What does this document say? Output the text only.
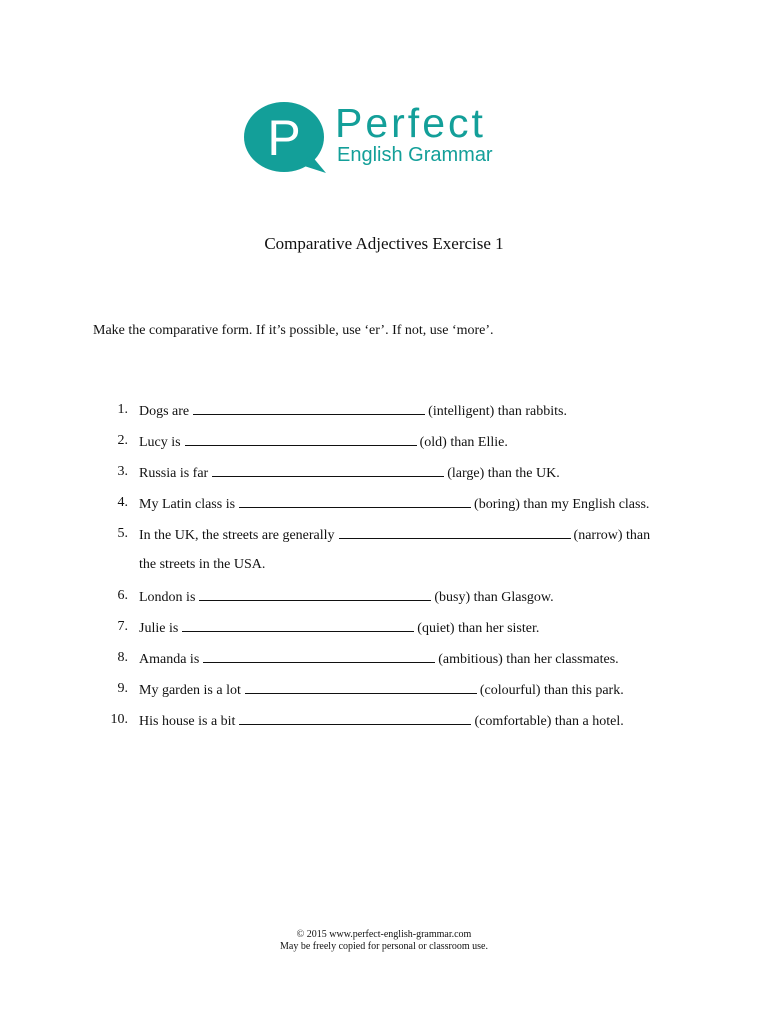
P Perfect
English Grammar
Comparative Adjectives Exercise 1
Make the comparative form. If it’s possible, use ‘er’. If not, use ‘more’.
1. Dogs are	(intelligent) than rabbits.
2. Lucy is	(old) than Ellie.
3. Russia is far	(large) than the UK.
4. My Latin class is	(boring) than my English class.
5. In the UK, the streets are generally	(narrow) than
the streets in the USA.
6. London is	(busy) than Glasgow.
7. Julie is	(quiet) than her sister.
8. Amanda is	(ambitious) than her classmates.
9. My garden is a lot	(colourful) than this park.
10. His house is a bit	(comfortable) than a hotel.
© 2015 www.perfect-english-grammar.com
May be freely copied for personal or classroom use.
